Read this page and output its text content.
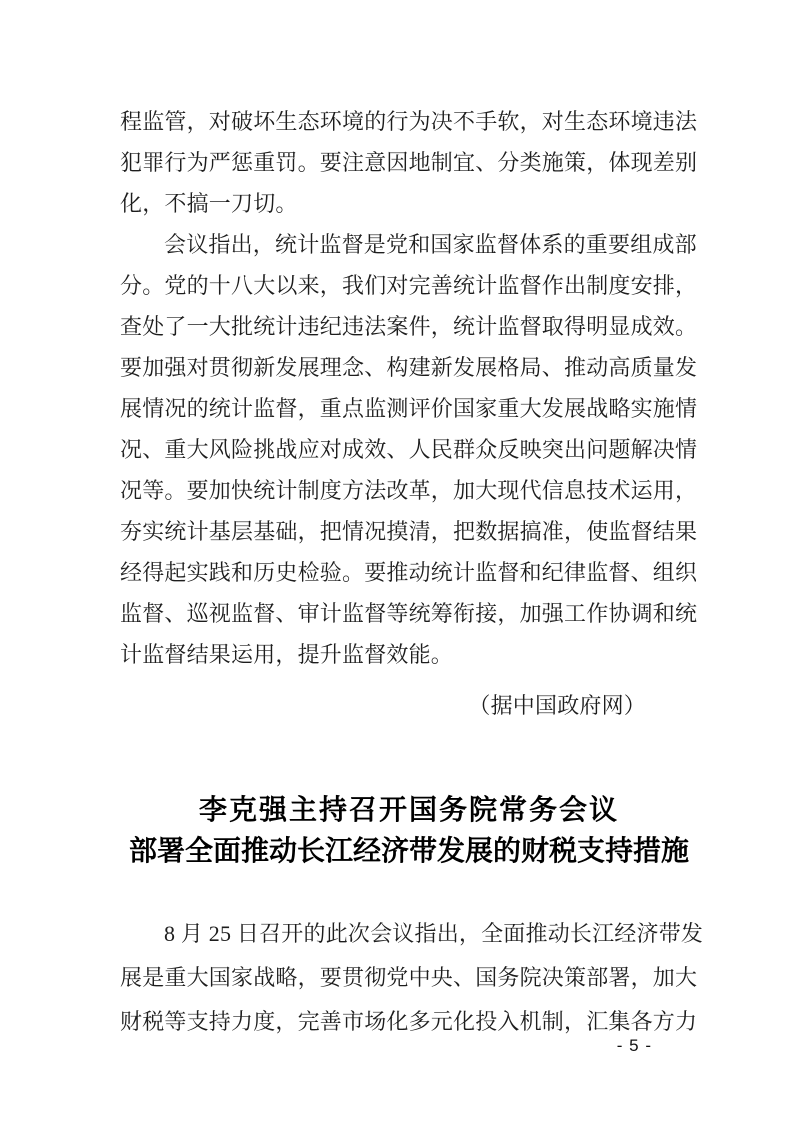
程监管，对破坏生态环境的行为决不手软，对生态环境违法
犯罪行为严惩重罚。要注意因地制宜、分类施策，体现差别
化，不搞一刀切。
会议指出，统计监督是党和国家监督体系的重要组成部
分。党的十八大以来，我们对完善统计监督作出制度安排，
查处了一大批统计违纪违法案件，统计监督取得明显成效。
要加强对贯彻新发展理念、构建新发展格局、推动高质量发
展情况的统计监督，重点监测评价国家重大发展战略实施情
况、重大风险挑战应对成效、人民群众反映突出问题解决情
况等。要加快统计制度方法改革，加大现代信息技术运用，
夯实统计基层基础，把情况摸清，把数据搞准，使监督结果
经得起实践和历史检验。要推动统计监督和纪律监督、组织
监督、巡视监督、审计监督等统筹衔接，加强工作协调和统
计监督结果运用，提升监督效能。
（据中国政府网）
李克强主持召开国务院常务会议
部署全面推动长江经济带发展的财税支持措施
8 月 25 日召开的此次会议指出，全面推动长江经济带发
展是重大国家战略，要贯彻党中央、国务院决策部署，加大
财税等支持力度，完善市场化多元化投入机制，汇集各方力
- 5 -
